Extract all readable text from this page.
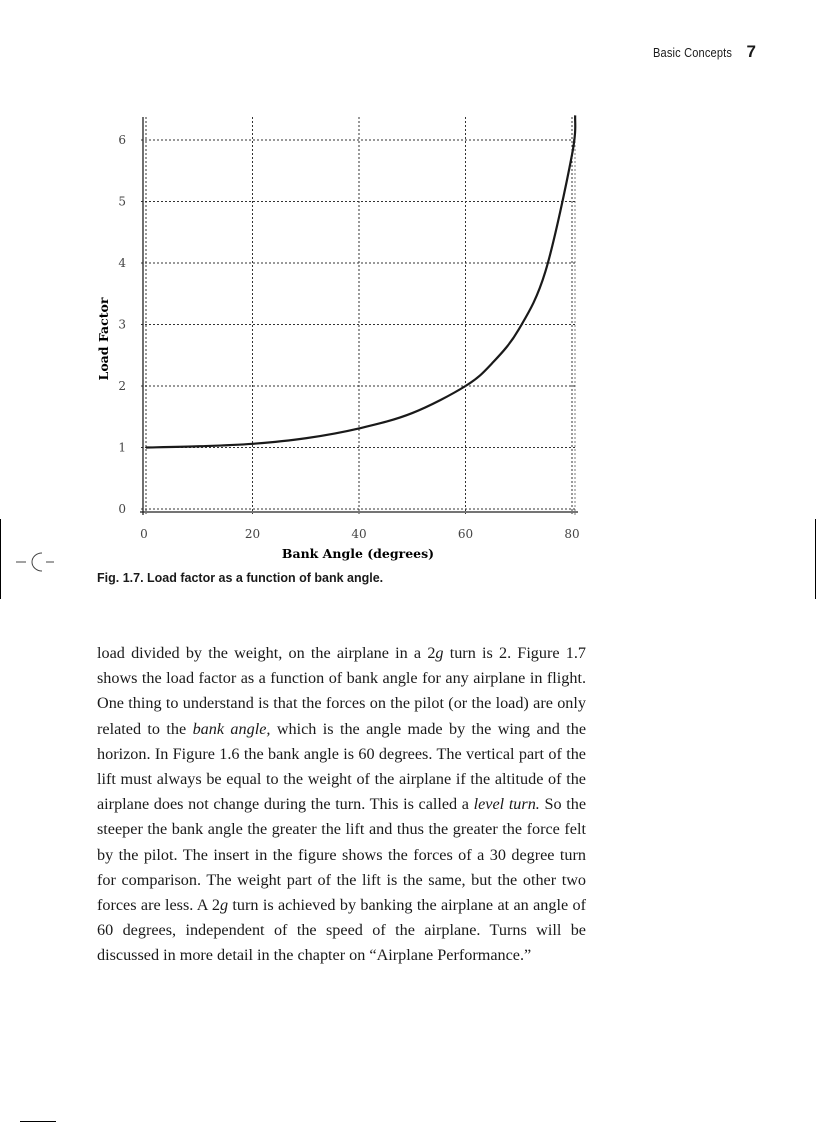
Basic Concepts 7
0
1
2
3
4
5
6
0	20	40	60	80
Bank Angle (degrees)
Load Factor
Fig. 1.7. Load factor as a function of bank angle.

load divided by the weight, on the airplane in a 2g turn is 2. Figure 1.7 shows the load factor as a function of bank angle for any airplane in flight. One thing to understand is that the forces on the pilot (or the load) are only related to the bank angle, which is the angle made by the wing and the horizon. In Figure 1.6 the bank angle is 60 degrees. The vertical part of the lift must always be equal to the weight of the airplane if the altitude of the airplane does not change during the turn. This is called a level turn. So the steeper the bank angle the greater the lift and thus the greater the force felt by the pilot. The insert in the figure shows the forces of a 30 degree turn for comparison. The weight part of the lift is the same, but the other two forces are less. A 2g turn is achieved by banking the airplane at an angle of 60 degrees, independent of the speed of the airplane. Turns will be discussed in more detail in the chapter on “Airplane Performance.”
